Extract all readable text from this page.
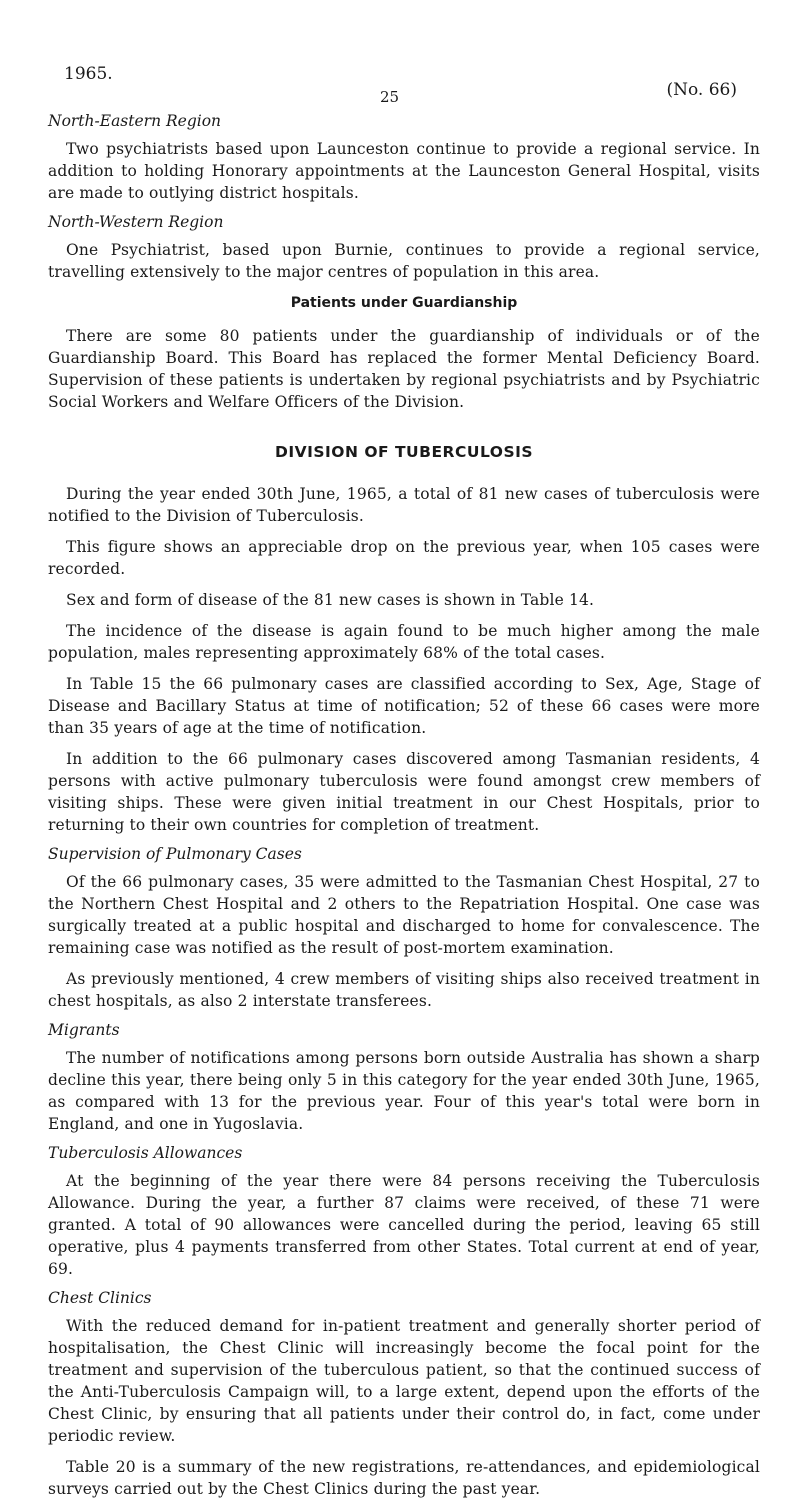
1965.
25	(No. 66)
North-Eastern Region

Two psychiatrists based upon Launceston continue to provide a regional service. In addition to holding Honorary appointments at the Launceston General Hospital, visits are made to outlying district hospitals.

North-Western Region

One Psychiatrist, based upon Burnie, continues to provide a regional service, travelling extensively to the major centres of population in this area.

Patients under Guardianship

There are some 80 patients under the guardianship of individuals or of the Guardianship Board. This Board has replaced the former Mental Deficiency Board. Supervision of these patients is undertaken by regional psychiatrists and by Psychiatric Social Workers and Welfare Officers of the Division.

DIVISION OF TUBERCULOSIS

During the year ended 30th June, 1965, a total of 81 new cases of tuberculosis were notified to the Division of Tuberculosis.

This figure shows an appreciable drop on the previous year, when 105 cases were recorded.

Sex and form of disease of the 81 new cases is shown in Table 14.

The incidence of the disease is again found to be much higher among the male population, males representing approximately 68% of the total cases.

In Table 15 the 66 pulmonary cases are classified according to Sex, Age, Stage of Disease and Bacillary Status at time of notification; 52 of these 66 cases were more than 35 years of age at the time of notification.

In addition to the 66 pulmonary cases discovered among Tasmanian residents, 4 persons with active pulmonary tuberculosis were found amongst crew members of visiting ships. These were given initial treatment in our Chest Hospitals, prior to returning to their own countries for completion of treatment.

Supervision of Pulmonary Cases

Of the 66 pulmonary cases, 35 were admitted to the Tasmanian Chest Hospital, 27 to the Northern Chest Hospital and 2 others to the Repatriation Hospital. One case was surgically treated at a public hospital and discharged to home for convalescence. The remaining case was notified as the result of post-mortem examination.

As previously mentioned, 4 crew members of visiting ships also received treatment in chest hospitals, as also 2 interstate transferees.

Migrants

The number of notifications among persons born outside Australia has shown a sharp decline this year, there being only 5 in this category for the year ended 30th June, 1965, as compared with 13 for the previous year. Four of this year's total were born in England, and one in Yugoslavia.

Tuberculosis Allowances

At the beginning of the year there were 84 persons receiving the Tuberculosis Allowance. During the year, a further 87 claims were received, of these 71 were granted. A total of 90 allowances were cancelled during the period, leaving 65 still operative, plus 4 payments transferred from other States. Total current at end of year, 69.

Chest Clinics

With the reduced demand for in-patient treatment and generally shorter period of hospitalisation, the Chest Clinic will increasingly become the focal point for the treatment and supervision of the tuberculous patient, so that the continued success of the Anti-Tuberculosis Campaign will, to a large extent, depend upon the efforts of the Chest Clinic, by ensuring that all patients under their control do, in fact, come under periodic review.

Table 20 is a summary of the new registrations, re-attendances, and epidemiological surveys carried out by the Chest Clinics during the past year.
